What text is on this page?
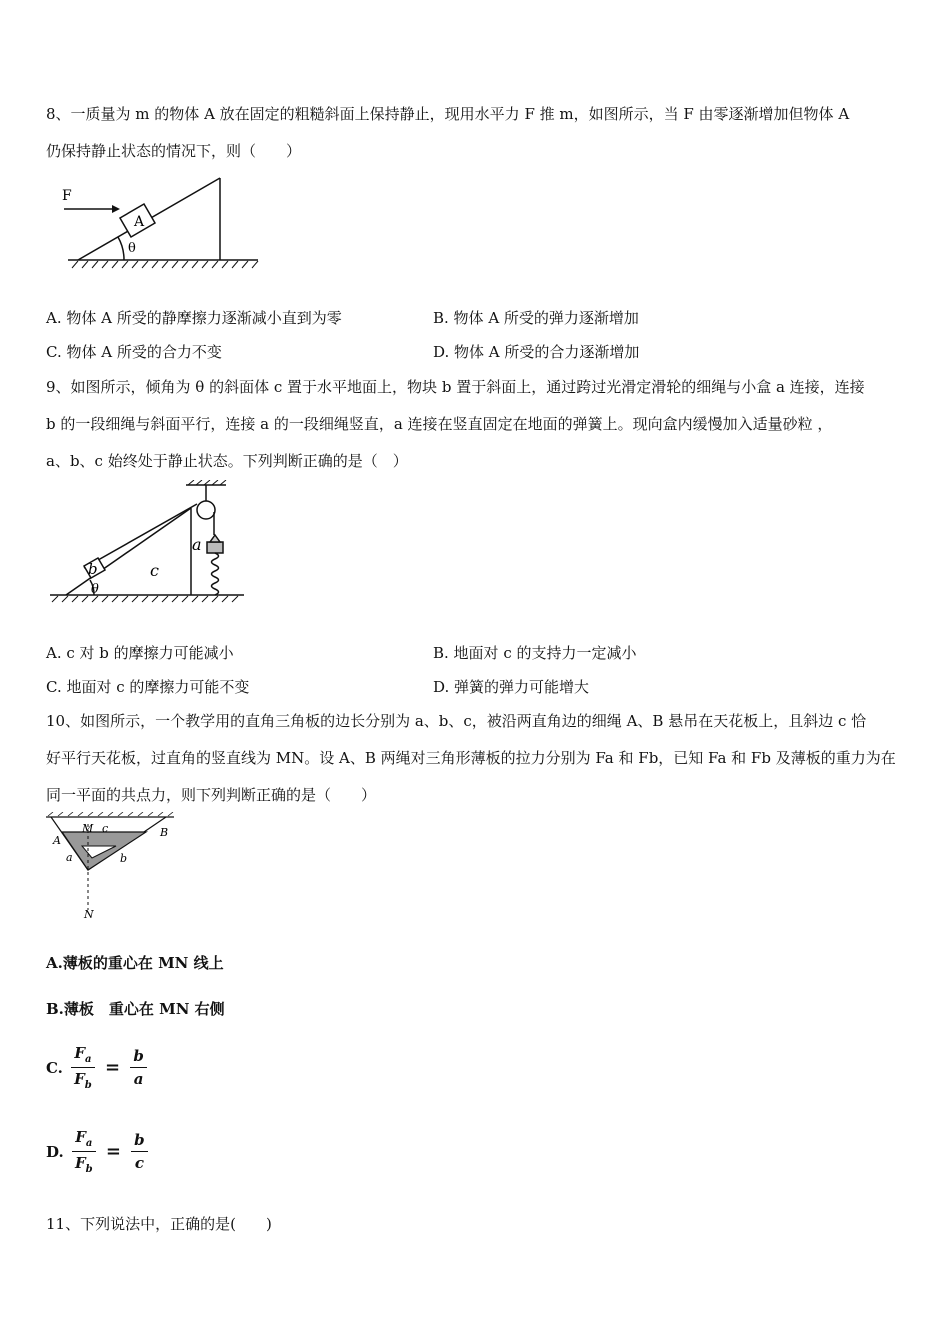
8、一质量为 m 的物体 A 放在固定的粗糙斜面上保持静止，现用水平力 F 推 m，如图所示，当 F 由零逐渐增加但物体 A
仍保持静止状态的情况下，则（　　）
F
A
θ
A. 物体 A 所受的静摩擦力逐渐减小直到为零	B. 物体 A 所受的弹力逐渐增加
C. 物体 A 所受的合力不变	D. 物体 A 所受的合力逐渐增加
9、如图所示，倾角为 θ 的斜面体 c 置于水平地面上，物块 b 置于斜面上，通过跨过光滑定滑轮的细绳与小盒 a 连接，连接
b 的一段细绳与斜面平行，连接 a 的一段细绳竖直，a 连接在竖直固定在地面的弹簧上。现向盒内缓慢加入适量砂粒 ，
a、b、c 始终处于静止状态。下列判断正确的是（　）
a
b	c
θ
A. c 对 b 的摩擦力可能减小	B. 地面对 c 的支持力一定减小
C. 地面对 c 的摩擦力可能不变	D. 弹簧的弹力可能增大
10、如图所示，一个教学用的直角三角板的边长分别为 a、b、c，被沿两直角边的细绳 A、B 悬吊在天花板上，且斜边 c 恰
好平行天花板，过直角的竖直线为 MN。设 A、B 两绳对三角形薄板的拉力分别为 Fa 和 Fb，已知 Fa 和 Fb 及薄板的重力为在
同一平面的共点力，则下列判断正确的是（　　）
M
N
A
B
a	b
c
A.薄板的重心在 MN 线上
B.薄板　重心在 MN 右侧
C. $\frac{F_a}{F_b} = \frac{b}{a}$
D. $\frac{F_a}{F_b} = \frac{b}{c}$
11、下列说法中，正确的是(　　)
